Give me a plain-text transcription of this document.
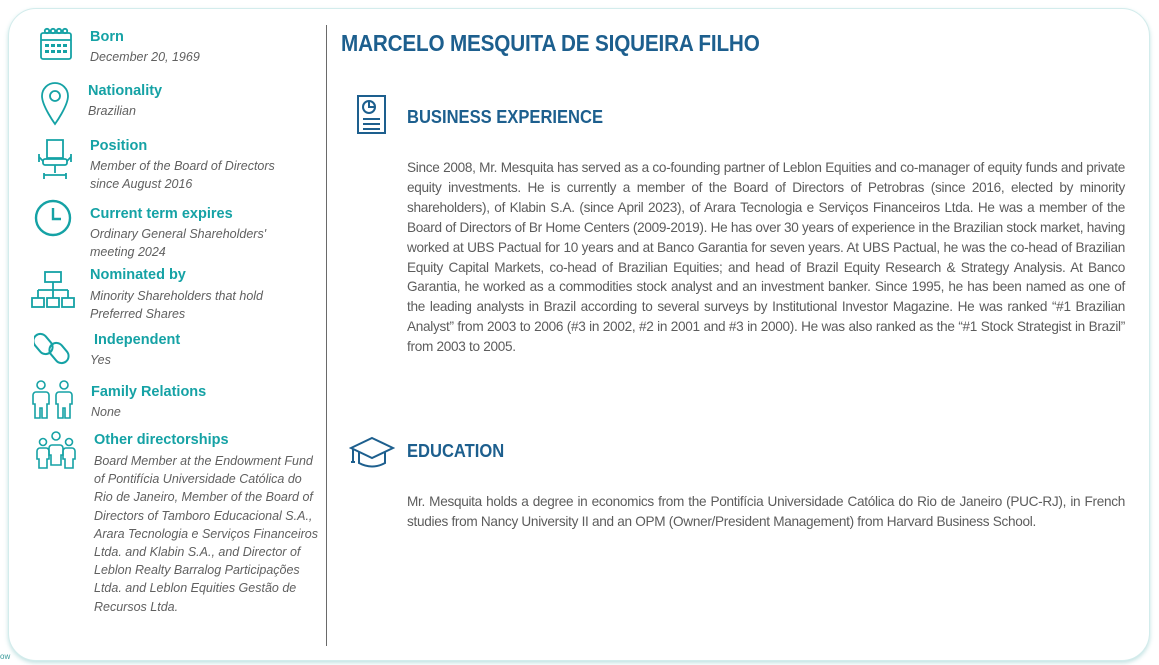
Born
December 20, 1969
Nationality
Brazilian
Position
Member of the Board of Directors since August 2016
Current term expires
Ordinary General Shareholders' meeting 2024
Nominated by
Minority Shareholders that hold Preferred Shares
Independent
Yes
Family Relations
None
Other directorships
Board Member at the Endowment Fund of Pontifícia Universidade Católica do Rio de Janeiro, Member of the Board of Directors of Tamboro Educacional S.A., Arara Tecnologia e Serviços Financeiros Ltda. and Klabin S.A., and Director of Leblon Realty Barralog Participações Ltda. and Leblon Equities Gestão de Recursos Ltda.
MARCELO MESQUITA DE SIQUEIRA FILHO
BUSINESS EXPERIENCE
Since 2008, Mr. Mesquita has served as a co-founding partner of Leblon Equities and co-manager of equity funds and private equity investments. He is currently a member of the Board of Directors of Petrobras (since 2016, elected by minority shareholders), of Klabin S.A. (since April 2023), of Arara Tecnologia e Serviços Financeiros Ltda. He was a member of the Board of Directors of Br Home Centers (2009-2019). He has over 30 years of experience in the Brazilian stock market, having worked at UBS Pactual for 10 years and at Banco Garantia for seven years. At UBS Pactual, he was the co-head of Brazilian Equity Capital Markets, co-head of Brazilian Equities; and head of Brazil Equity Research & Strategy Analysis. At Banco Garantia, he worked as a commodities stock analyst and an investment banker. Since 1995, he has been named as one of the leading analysts in Brazil according to several surveys by Institutional Investor Magazine. He was ranked “#1 Brazilian Analyst” from 2003 to 2006 (#3 in 2002, #2 in 2001 and #3 in 2000). He was also ranked as the “#1 Stock Strategist in Brazil” from 2003 to 2005.
EDUCATION
Mr. Mesquita holds a degree in economics from the Pontifícia Universidade Católica do Rio de Janeiro (PUC-RJ), in French studies from Nancy University II and an OPM (Owner/President Management) from Harvard Business School.
ow
